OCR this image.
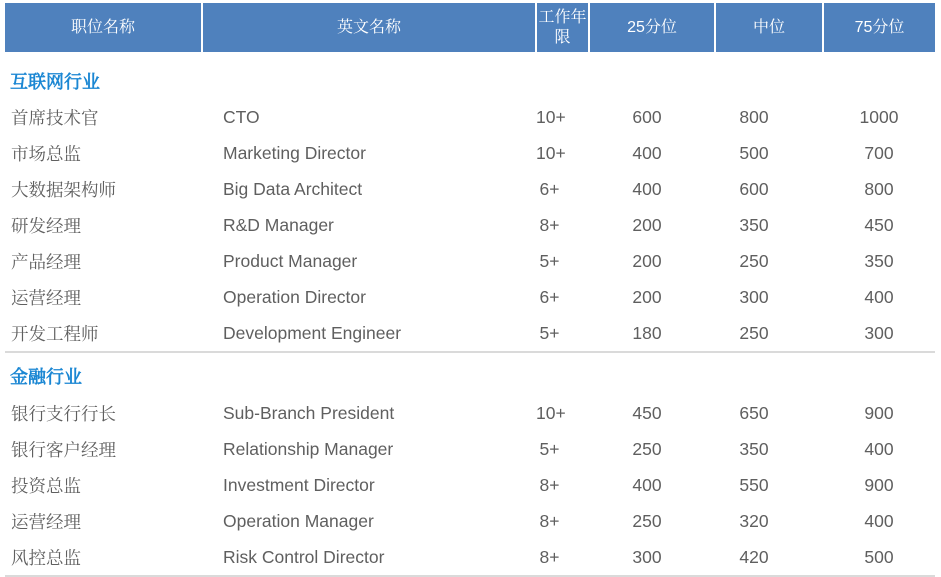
职位名称	英文名称	工作年限	25分位	中位	75分位
互联网行业					
首席技术官	CTO	10+	600	800	1000
市场总监	Marketing Director	10+	400	500	700
大数据架构师	Big Data Architect	6+	400	600	800
研发经理	R&D Manager	8+	200	350	450
产品经理	Product Manager	5+	200	250	350
运营经理	Operation Director	6+	200	300	400
开发工程师	Development Engineer	5+	180	250	300

金融行业					
银行支行行长	Sub-Branch President	10+	450	650	900
银行客户经理	Relationship Manager	5+	250	350	400
投资总监	Investment Director	8+	400	550	900
运营经理	Operation Manager	8+	250	320	400
风控总监	Risk Control Director	8+	300	420	500
